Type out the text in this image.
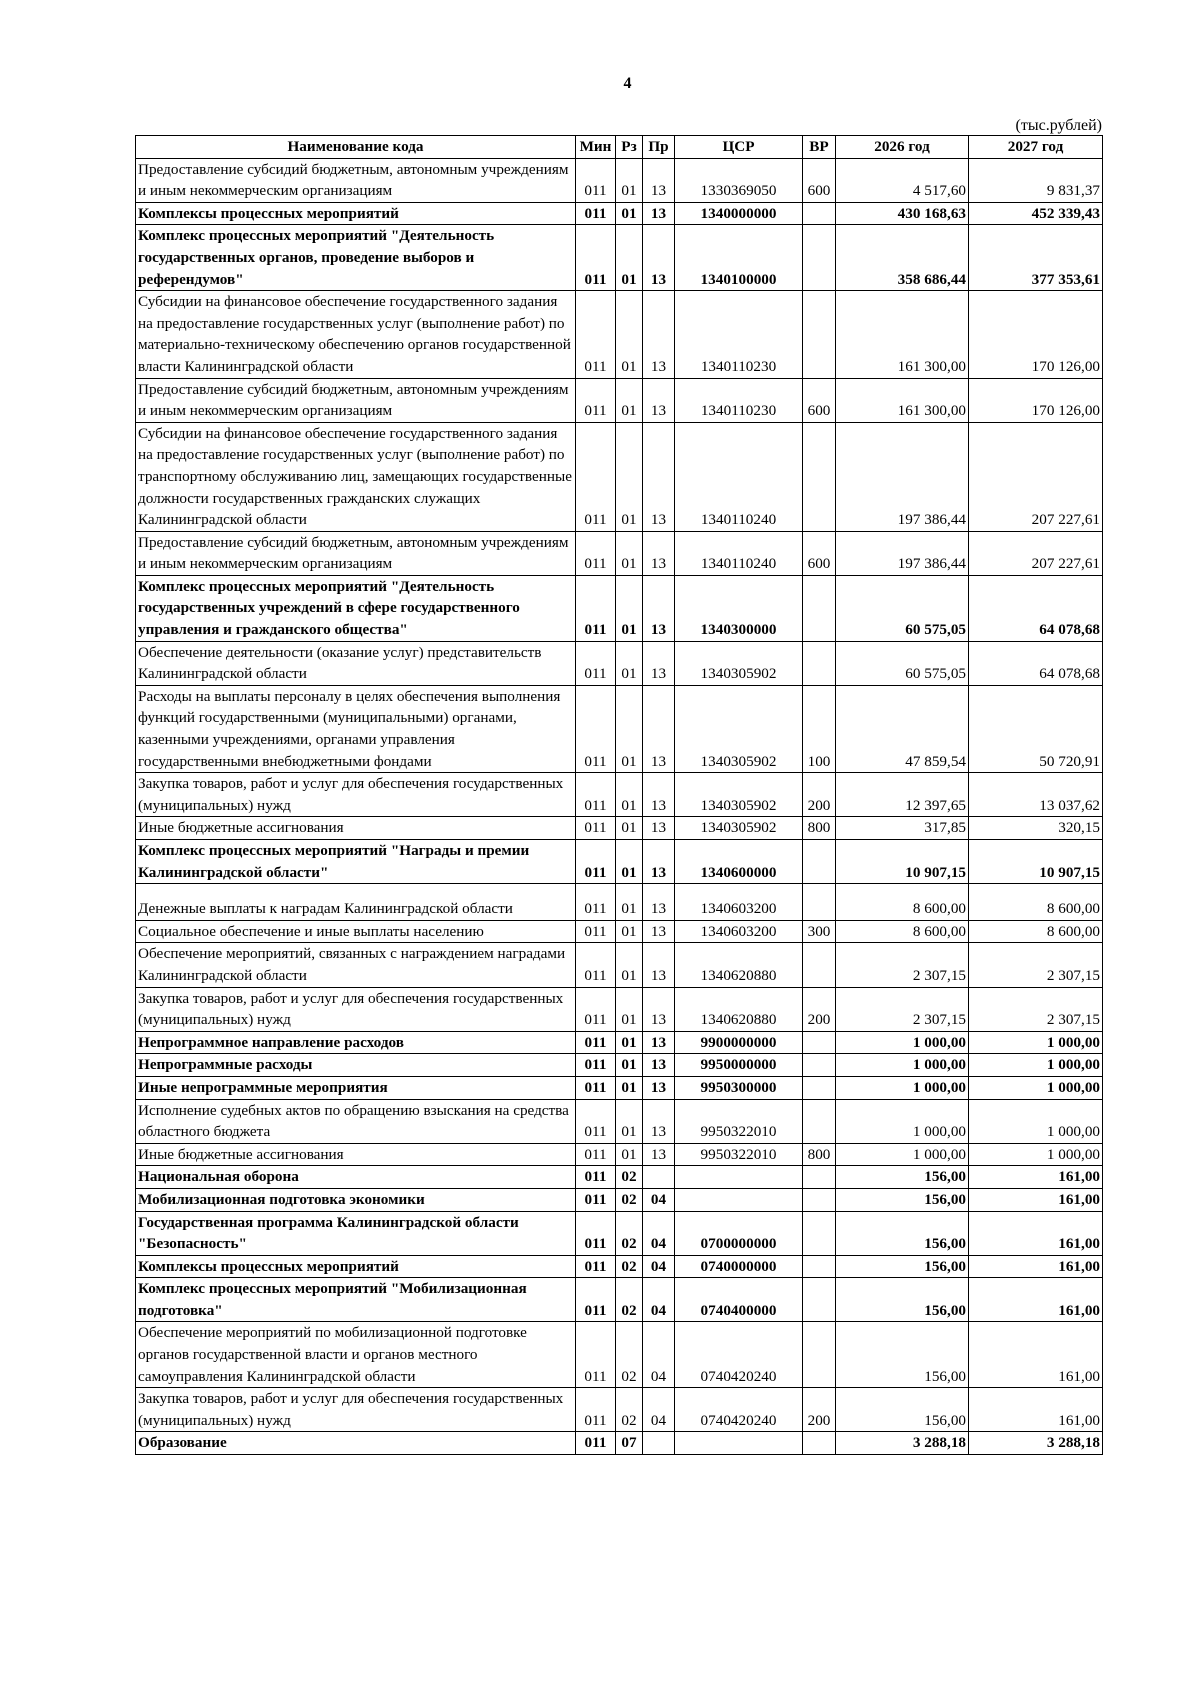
4
(тыс.рублей)
Наименование кода	Мин	Рз	Пр	ЦСР	ВР	2026 год	2027 год
Предоставление субсидий бюджетным, автономным учреждениям и иным некоммерческим организациям	011	01	13	1330369050	600	4 517,60	9 831,37
Комплексы процессных мероприятий	011	01	13	1340000000		430 168,63	452 339,43
Комплекс процессных мероприятий "Деятельность государственных органов, проведение выборов и референдумов"	011	01	13	1340100000		358 686,44	377 353,61
Субсидии на финансовое обеспечение государственного задания на предоставление государственных услуг (выполнение работ) по материально-техническому обеспечению органов государственной власти Калининградской области	011	01	13	1340110230		161 300,00	170 126,00
Предоставление субсидий бюджетным, автономным учреждениям и иным некоммерческим организациям	011	01	13	1340110230	600	161 300,00	170 126,00
Субсидии на финансовое обеспечение государственного задания на предоставление государственных услуг (выполнение работ) по транспортному обслуживанию лиц, замещающих государственные должности государственных гражданских служащих Калининградской области	011	01	13	1340110240		197 386,44	207 227,61
Предоставление субсидий бюджетным, автономным учреждениям и иным некоммерческим организациям	011	01	13	1340110240	600	197 386,44	207 227,61
Комплекс процессных мероприятий "Деятельность государственных учреждений в сфере государственного управления и гражданского общества"	011	01	13	1340300000		60 575,05	64 078,68
Обеспечение деятельности (оказание услуг) представительств Калининградской области	011	01	13	1340305902		60 575,05	64 078,68
Расходы на выплаты персоналу в целях обеспечения выполнения функций государственными (муниципальными) органами, казенными учреждениями, органами управления государственными внебюджетными фондами	011	01	13	1340305902	100	47 859,54	50 720,91
Закупка товаров, работ и услуг для обеспечения государственных (муниципальных) нужд	011	01	13	1340305902	200	12 397,65	13 037,62
Иные бюджетные ассигнования	011	01	13	1340305902	800	317,85	320,15
Комплекс процессных мероприятий "Награды и премии Калининградской области"	011	01	13	1340600000		10 907,15	10 907,15
Денежные выплаты к наградам Калининградской области	011	01	13	1340603200		8 600,00	8 600,00
Социальное обеспечение и иные выплаты населению	011	01	13	1340603200	300	8 600,00	8 600,00
Обеспечение мероприятий, связанных с награждением наградами Калининградской области	011	01	13	1340620880		2 307,15	2 307,15
Закупка товаров, работ и услуг для обеспечения государственных (муниципальных) нужд	011	01	13	1340620880	200	2 307,15	2 307,15
Непрограммное направление расходов	011	01	13	9900000000		1 000,00	1 000,00
Непрограммные расходы	011	01	13	9950000000		1 000,00	1 000,00
Иные непрограммные мероприятия	011	01	13	9950300000		1 000,00	1 000,00
Исполнение судебных актов по обращению взыскания на средства областного бюджета	011	01	13	9950322010		1 000,00	1 000,00
Иные бюджетные ассигнования	011	01	13	9950322010	800	1 000,00	1 000,00
Национальная оборона	011	02				156,00	161,00
Мобилизационная подготовка экономики	011	02	04			156,00	161,00
Государственная программа Калининградской области "Безопасность"	011	02	04	0700000000		156,00	161,00
Комплексы процессных мероприятий	011	02	04	0740000000		156,00	161,00
Комплекс процессных мероприятий "Мобилизационная подготовка"	011	02	04	0740400000		156,00	161,00
Обеспечение мероприятий по мобилизационной подготовке органов государственной власти и органов местного самоуправления Калининградской области	011	02	04	0740420240		156,00	161,00
Закупка товаров, работ и услуг для обеспечения государственных (муниципальных) нужд	011	02	04	0740420240	200	156,00	161,00
Образование	011	07				3 288,18	3 288,18
